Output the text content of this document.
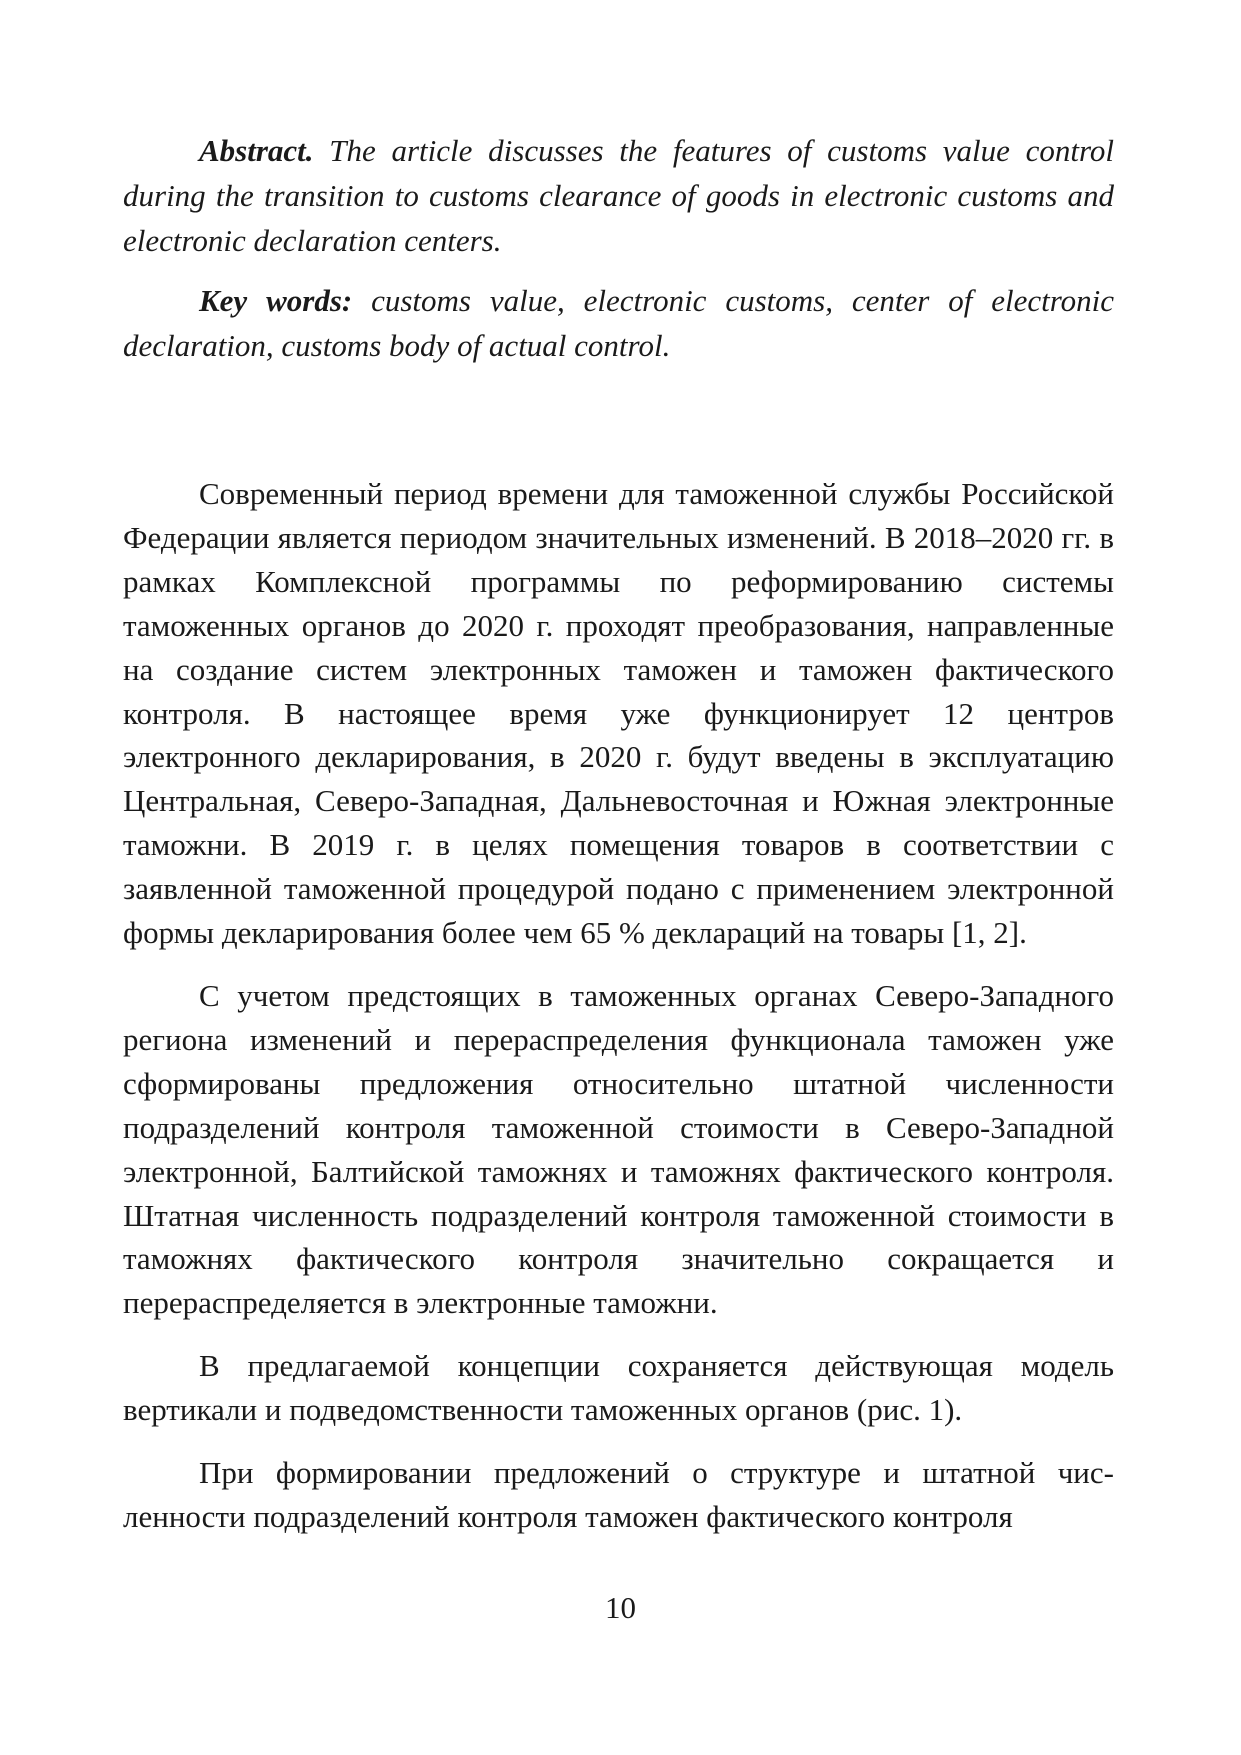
Abstract. The article discusses the features of customs value control during the transition to customs clearance of goods in electronic customs and electronic declaration centers.

Key words: customs value, electronic customs, center of electronic declaration, customs body of actual control.

Современный период времени для таможенной службы Российской Федерации является периодом значительных изменений. В 2018–2020 гг. в рамках Комплексной программы по реформированию системы таможенных органов до 2020 г. проходят преобразования, направленные на создание систем электронных таможен и таможен фактического контроля. В настоящее время уже функционирует 12 центров электронного декларирования, в 2020 г. будут введены в эксплуатацию Центральная, Северо-Западная, Дальневосточная и Южная электронные таможни. В 2019 г. в целях помещения товаров в соответствии с заявленной таможенной процедурой подано с применением электронной формы декларирования более чем 65 % деклараций на товары [1, 2].

С учетом предстоящих в таможенных органах Северо-Западного региона изменений и перераспределения функционала таможен уже сформированы предложения относительно штатной численности подразделений контроля таможенной стоимости в Северо-Западной электронной, Балтийской таможнях и таможнях фактического контроля. Штатная численность подразделений контроля таможенной стоимости в таможнях фактического контроля значительно сокращается и перераспределяется в электронные таможни.

В предлагаемой концепции сохраняется действующая модель вертикали и подведомственности таможенных органов (рис. 1).

При формировании предложений о структуре и штатной численности подразделений контроля таможен фактического контроля

10
